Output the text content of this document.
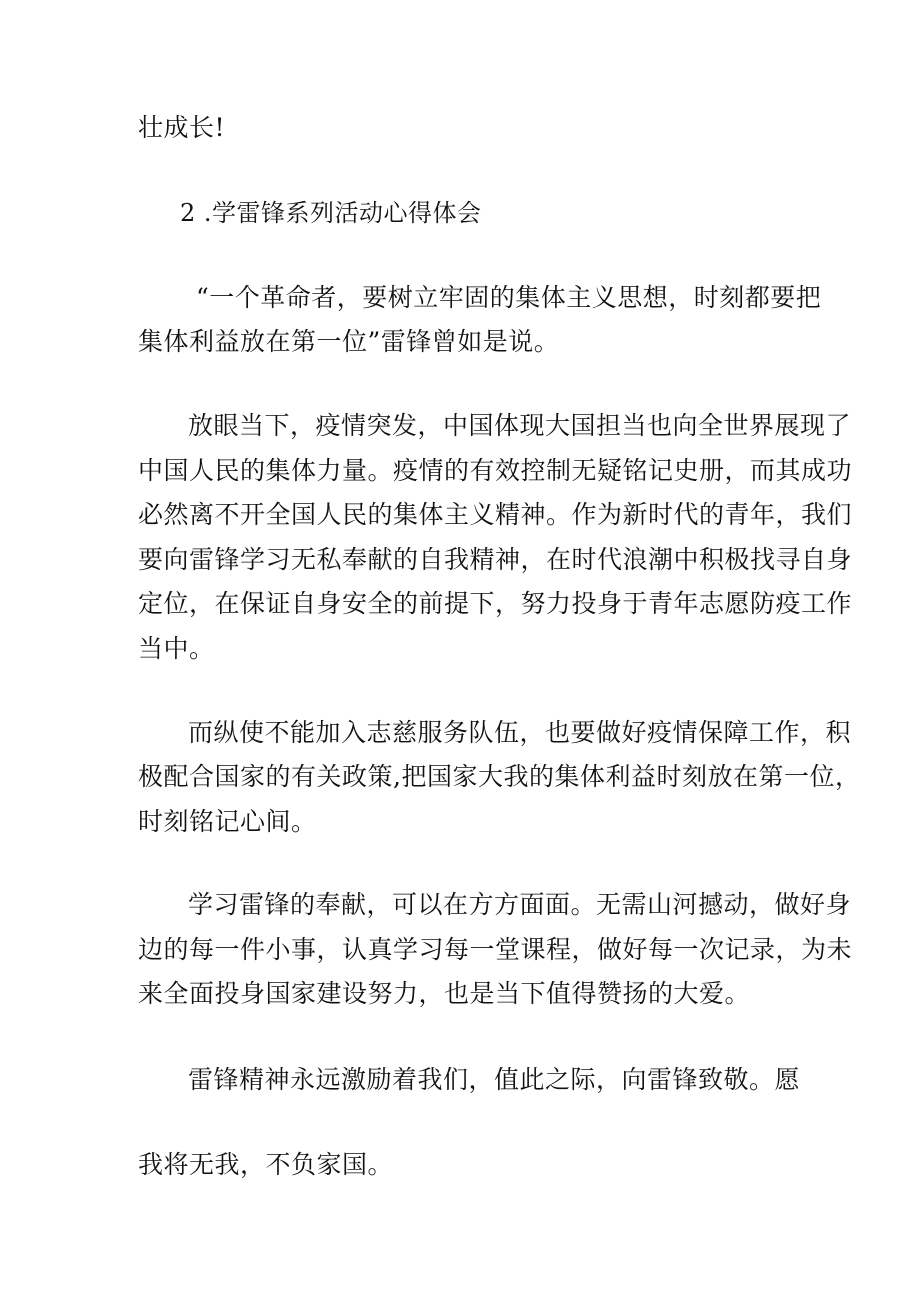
壮成长!
2 .学雷锋系列活动心得体会
“一个革命者，要树立牢固的集体主义思想，时刻都要把
集体利益放在第一位”雷锋曾如是说。
放眼当下，疫情突发，中国体现大国担当也向全世界展现了
中国人民的集体力量。疫情的有效控制无疑铭记史册，而其成功
必然离不开全国人民的集体主义精神。作为新时代的青年，我们
要向雷锋学习无私奉献的自我精神，在时代浪潮中积极找寻自身
定位，在保证自身安全的前提下，努力投身于青年志愿防疫工作
当中。
而纵使不能加入志慈服务队伍，也要做好疫情保障工作，积
极配合国家的有关政策,把国家大我的集体利益时刻放在第一位，
时刻铭记心间。
学习雷锋的奉献，可以在方方面面。无需山河撼动，做好身
边的每一件小事，认真学习每一堂课程，做好每一次记录，为未
来全面投身国家建设努力，也是当下值得赞扬的大爱。
雷锋精神永远激励着我们，值此之际，向雷锋致敬。愿
我将无我，不负家国。
